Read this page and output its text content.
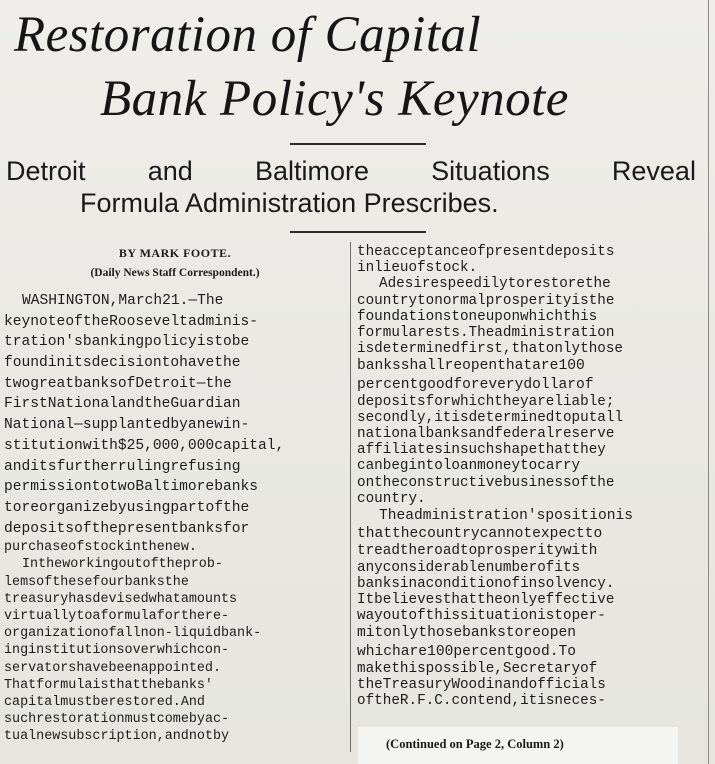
Restoration of Capital
Bank Policy's Keynote
Detroit and Baltimore Situations Reveal
Formula Administration Prescribes.
BY MARK FOOTE.
(Daily News Staff Correspondent.)
WASHINGTON,March21.—The
keynoteoftheRooseveltadminis-
tration'sbankingpolicyistobe
foundinitsdecisiontohavethe
twogreatbanksofDetroit—the
FirstNationalandtheGuardian
National—supplantedbyanewin-
stitutionwith$25,000,000capital,
anditsfurtherrulingrefusing
permissiontotwoBaltimorebanks
toreorganizebyusingpartofthe
depositsofthepresentbanksfor
purchaseofstockinthenew.
Intheworkingoutoftheprob-
lemsofthesefourbanksthe
treasuryhasdevisedwhatamounts
virtuallytoaformulaforthere-
organizationofallnon-liquidbank-
inginstitutionsoverwhichcon-
servatorshavebeenappointed.
Thatformulaisthatthebanks'
capitalmustberestored.And
suchrestorationmustcomebyac-
tualnewsubscription,andnotby
theacceptanceofpresentdeposits
inlieuofstock.
Adesirespeedilytorestorethe
countrytonormalprosperityisthe
foundationstoneuponwhichthis
formularests.Theadministration
isdeterminedfirst,thatonlythose
banksshallreopenthatare100
percentgoodforeverydollarof
depositsforwhichtheyareliable;
secondly,itisdeterminedtoputall
nationalbanksandfederalreserve
affiliatesinsuchshapethatthey
canbegintoloanmoneytocarry
ontheconstructivebusinessofthe
country.
Theadministration'spositionis
thatthecountrycannotexpectto
treadtheroadtoprosperitywith
anyconsiderablenumberofits
banksinaconditionofinsolvency.
Itbelievesthattheonlyeffective
wayoutofthissituationistoper-
mitonlythosebankstoreopen
whichare100percentgood.To
makethispossible,Secretaryof
theTreasuryWoodinandofficials
oftheR.F.C.contend,itisneces-
(Continued on Page 2, Column 2)
